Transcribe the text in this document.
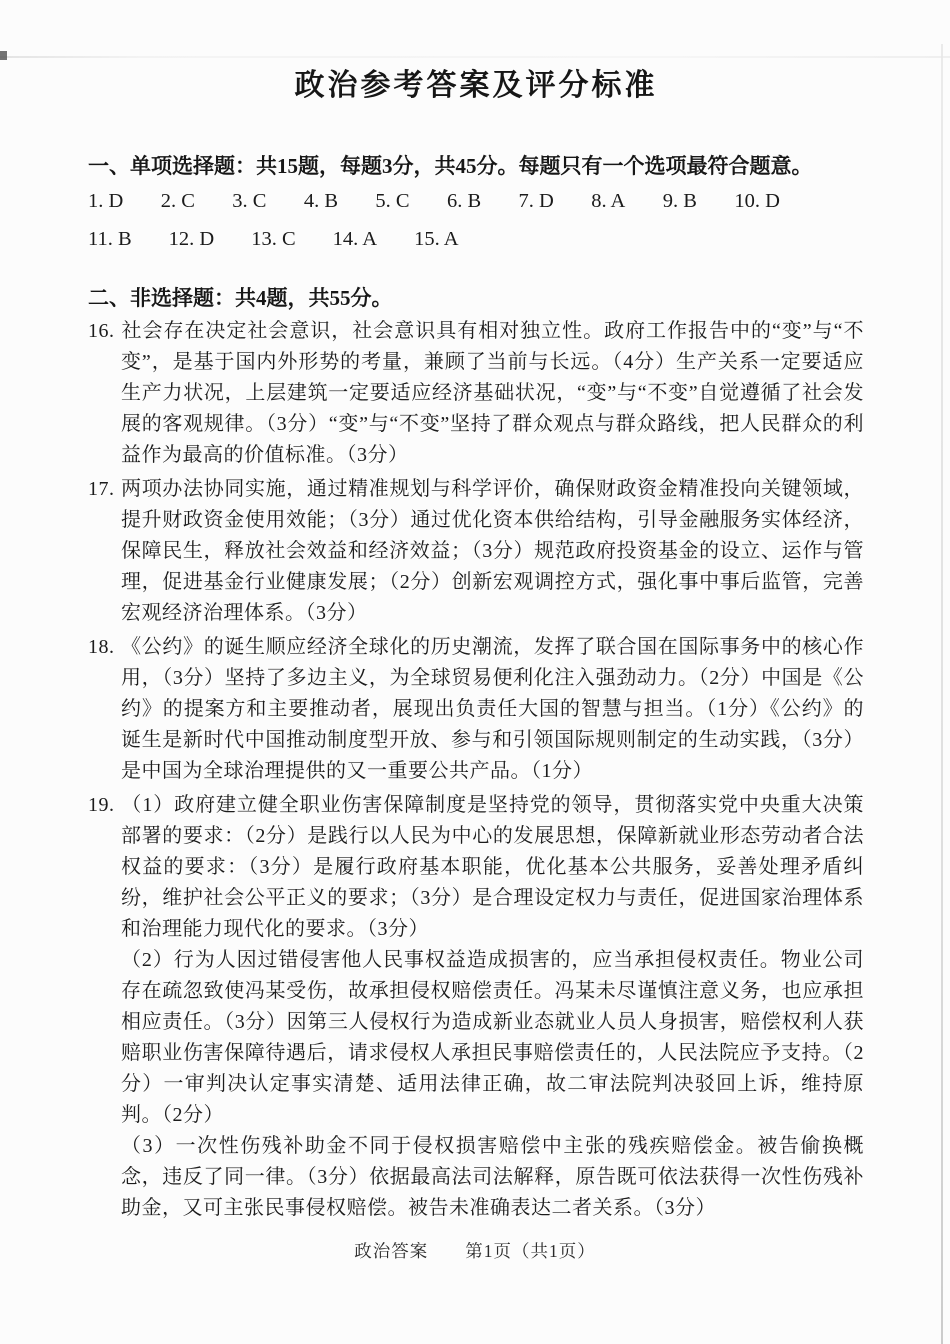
政治参考答案及评分标准
一、单项选择题：共15题，每题3分，共45分。每题只有一个选项最符合题意。
1. D 2. C 3. C 4. B 5. C 6. B 7. D 8. A 9. B 10. D
11. B 12. D 13. C 14. A 15. A
二、非选择题：共4题，共55分。

16. 社会存在决定社会意识，社会意识具有相对独立性。政府工作报告中的“变”与“不变”，是基于国内外形势的考量，兼顾了当前与长远。（4分）生产关系一定要适应生产力状况，上层建筑一定要适应经济基础状况，“变”与“不变”自觉遵循了社会发展的客观规律。（3分）“变”与“不变”坚持了群众观点与群众路线，把人民群众的利益作为最高的价值标准。（3分）

17. 两项办法协同实施，通过精准规划与科学评价，确保财政资金精准投向关键领域，提升财政资金使用效能；（3分）通过优化资本供给结构，引导金融服务实体经济，保障民生，释放社会效益和经济效益；（3分）规范政府投资基金的设立、运作与管理，促进基金行业健康发展；（2分）创新宏观调控方式，强化事中事后监管，完善宏观经济治理体系。（3分）

18. 《公约》的诞生顺应经济全球化的历史潮流，发挥了联合国在国际事务中的核心作用，（3分）坚持了多边主义，为全球贸易便利化注入强劲动力。（2分）中国是《公约》的提案方和主要推动者，展现出负责任大国的智慧与担当。（1分）《公约》的诞生是新时代中国推动制度型开放、参与和引领国际规则制定的生动实践，（3分）是中国为全球治理提供的又一重要公共产品。（1分）

19. （1）政府建立健全职业伤害保障制度是坚持党的领导，贯彻落实党中央重大决策部署的要求：（2分）是践行以人民为中心的发展思想，保障新就业形态劳动者合法权益的要求：（3分）是履行政府基本职能，优化基本公共服务，妥善处理矛盾纠纷，维护社会公平正义的要求；（3分）是合理设定权力与责任，促进国家治理体系和治理能力现代化的要求。（3分）

（2）行为人因过错侵害他人民事权益造成损害的，应当承担侵权责任。物业公司存在疏忽致使冯某受伤，故承担侵权赔偿责任。冯某未尽谨慎注意义务，也应承担相应责任。（3分）因第三人侵权行为造成新业态就业人员人身损害，赔偿权利人获赔职业伤害保障待遇后，请求侵权人承担民事赔偿责任的，人民法院应予支持。（2分）一审判决认定事实清楚、适用法律正确，故二审法院判决驳回上诉，维持原判。（2分）

（3）一次性伤残补助金不同于侵权损害赔偿中主张的残疾赔偿金。被告偷换概念，违反了同一律。（3分）依据最高法司法解释，原告既可依法获得一次性伤残补助金，又可主张民事侵权赔偿。被告未准确表达二者关系。（3分）

政治答案　　第1页（共1页）
